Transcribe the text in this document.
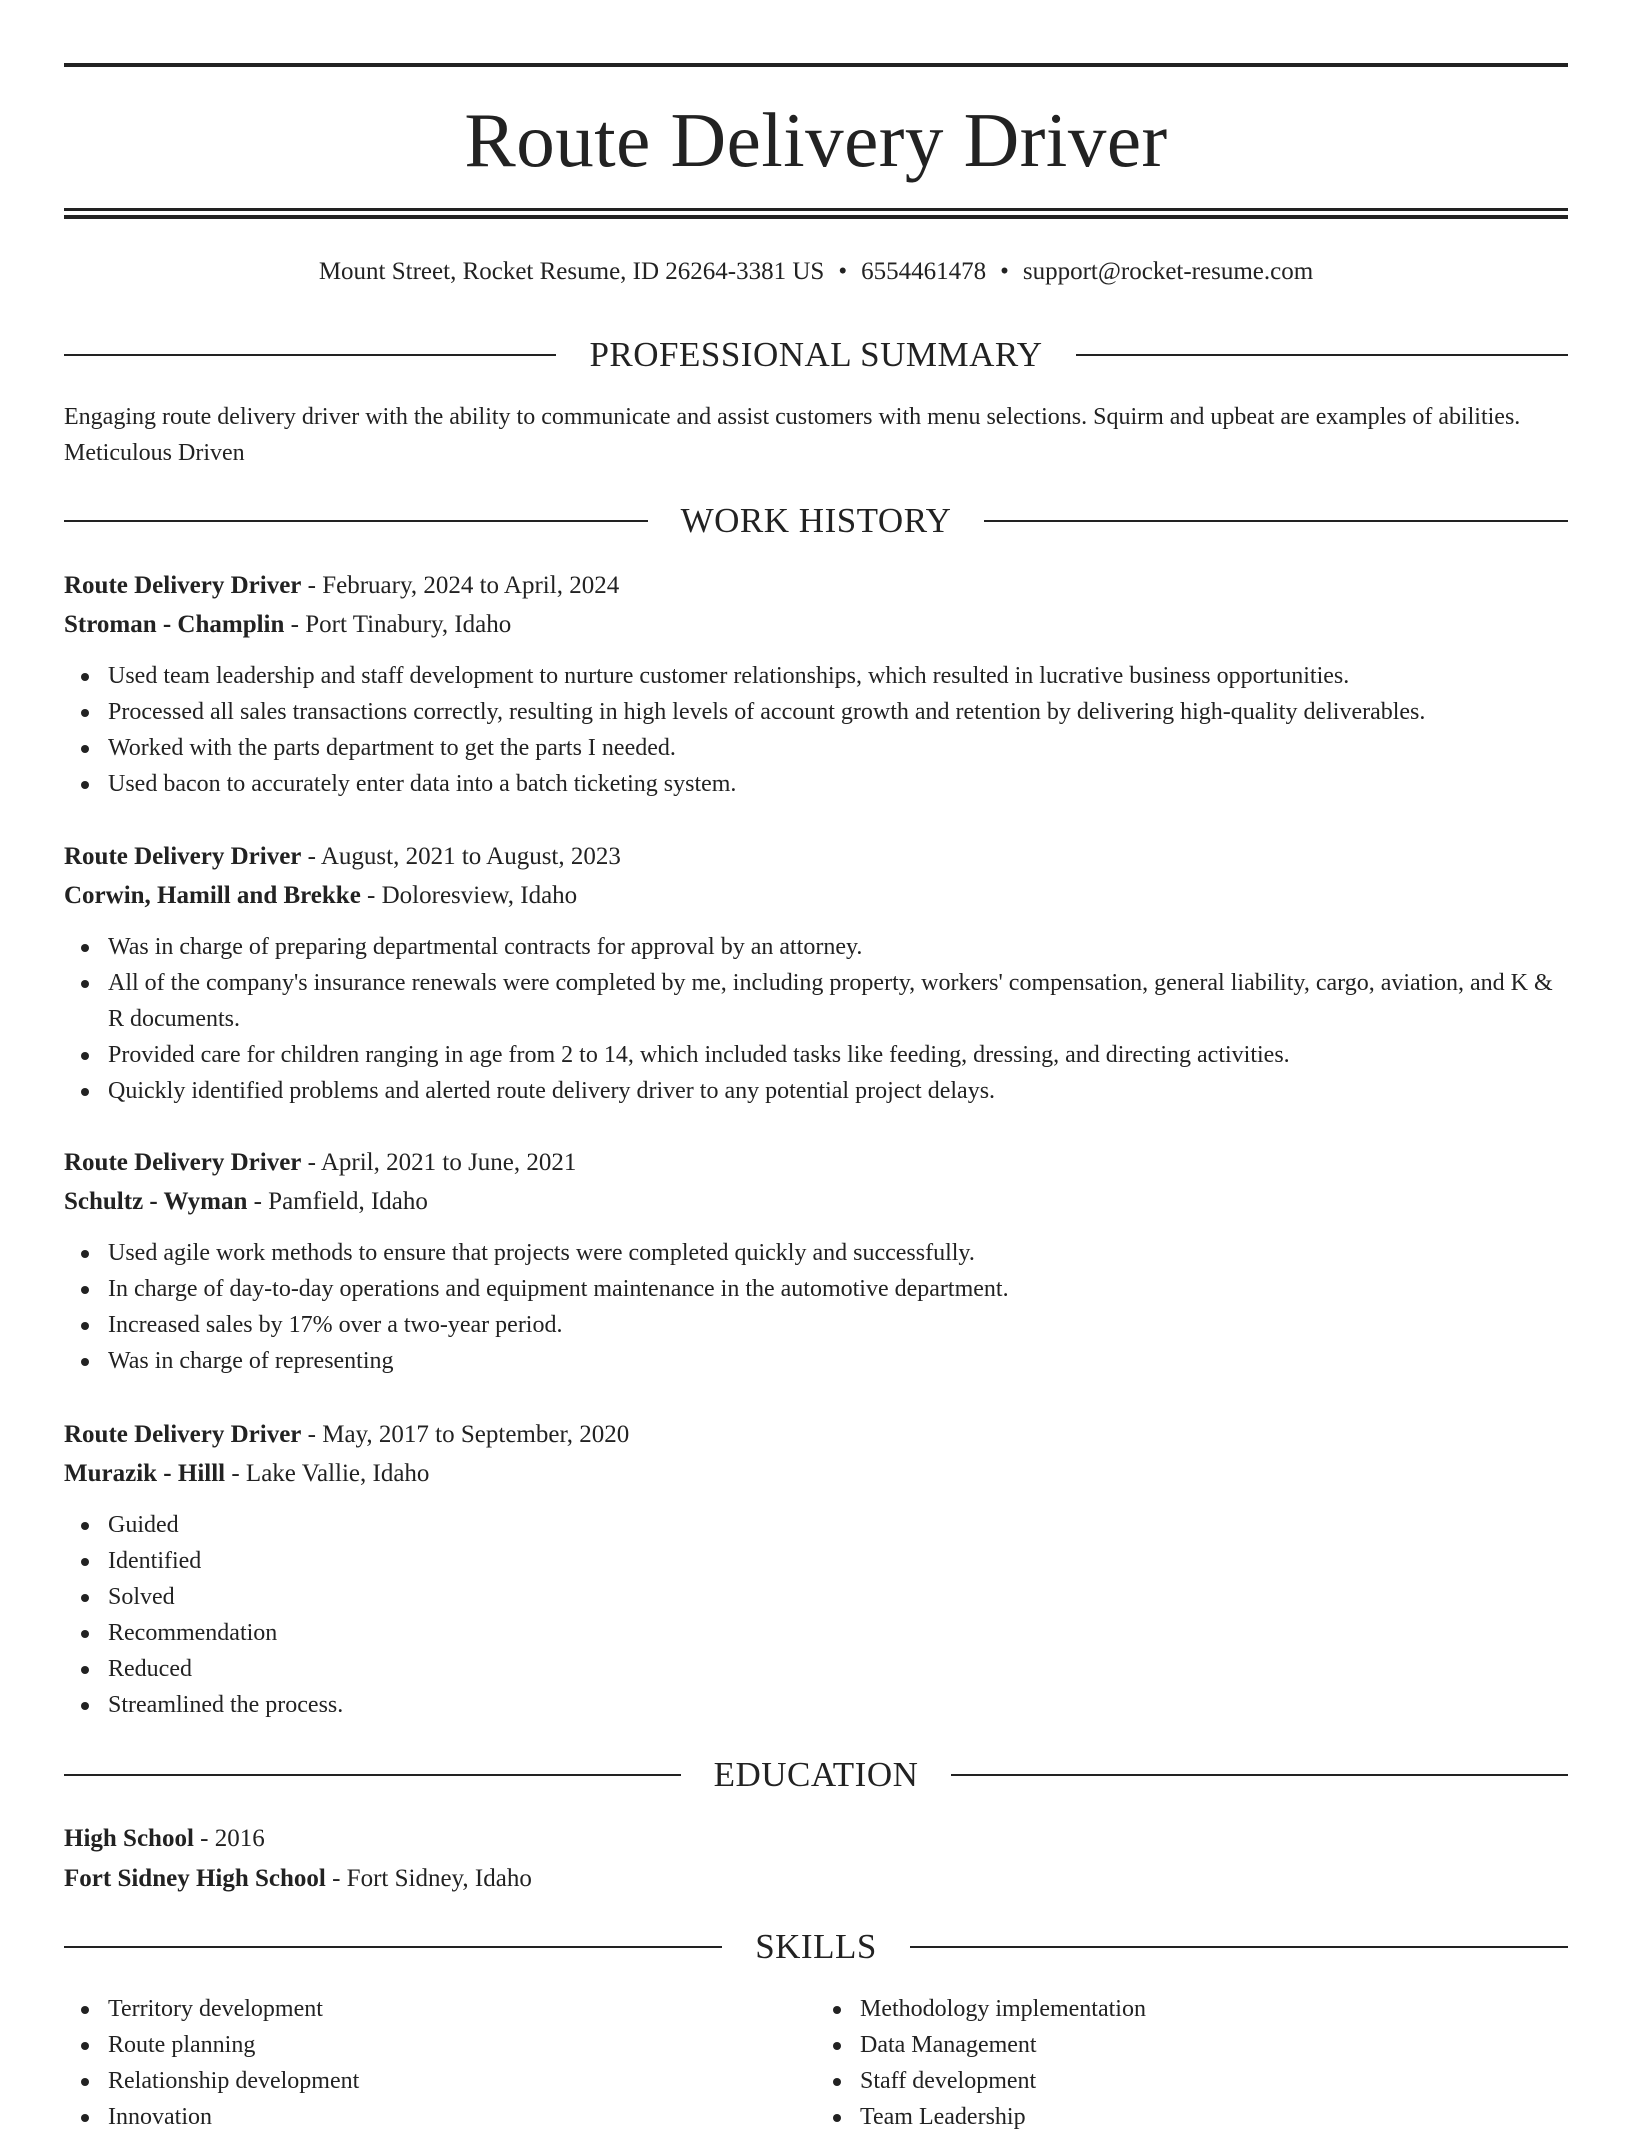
Route Delivery Driver
Mount Street, Rocket Resume, ID 26264-3381 US • 6554461478 • support@rocket-resume.com
PROFESSIONAL SUMMARY

Engaging route delivery driver with the ability to communicate and assist customers with menu selections. Squirm and upbeat are examples of abilities. Meticulous Driven

WORK HISTORY

Route Delivery Driver - February, 2024 to April, 2024

Stroman - Champlin - Port Tinabury, Idaho

Used team leadership and staff development to nurture customer relationships, which resulted in lucrative business opportunities.
Processed all sales transactions correctly, resulting in high levels of account growth and retention by delivering high-quality deliverables.
Worked with the parts department to get the parts I needed.
Used bacon to accurately enter data into a batch ticketing system.

Route Delivery Driver - August, 2021 to August, 2023

Corwin, Hamill and Brekke - Doloresview, Idaho

Was in charge of preparing departmental contracts for approval by an attorney.
All of the company's insurance renewals were completed by me, including property, workers' compensation, general liability, cargo, aviation, and K & R documents.
Provided care for children ranging in age from 2 to 14, which included tasks like feeding, dressing, and directing activities.
Quickly identified problems and alerted route delivery driver to any potential project delays.

Route Delivery Driver - April, 2021 to June, 2021

Schultz - Wyman - Pamfield, Idaho

Used agile work methods to ensure that projects were completed quickly and successfully.
In charge of day-to-day operations and equipment maintenance in the automotive department.
Increased sales by 17% over a two-year period.
Was in charge of representing

Route Delivery Driver - May, 2017 to September, 2020

Murazik - Hilll - Lake Vallie, Idaho

Guided
Identified
Solved
Recommendation
Reduced
Streamlined the process.
EDUCATION

High School - 2016

Fort Sidney High School - Fort Sidney, Idaho

SKILLS
Territory development
Route planning
Relationship development
Innovation
Methodology implementation
Data Management
Staff development
Team Leadership
